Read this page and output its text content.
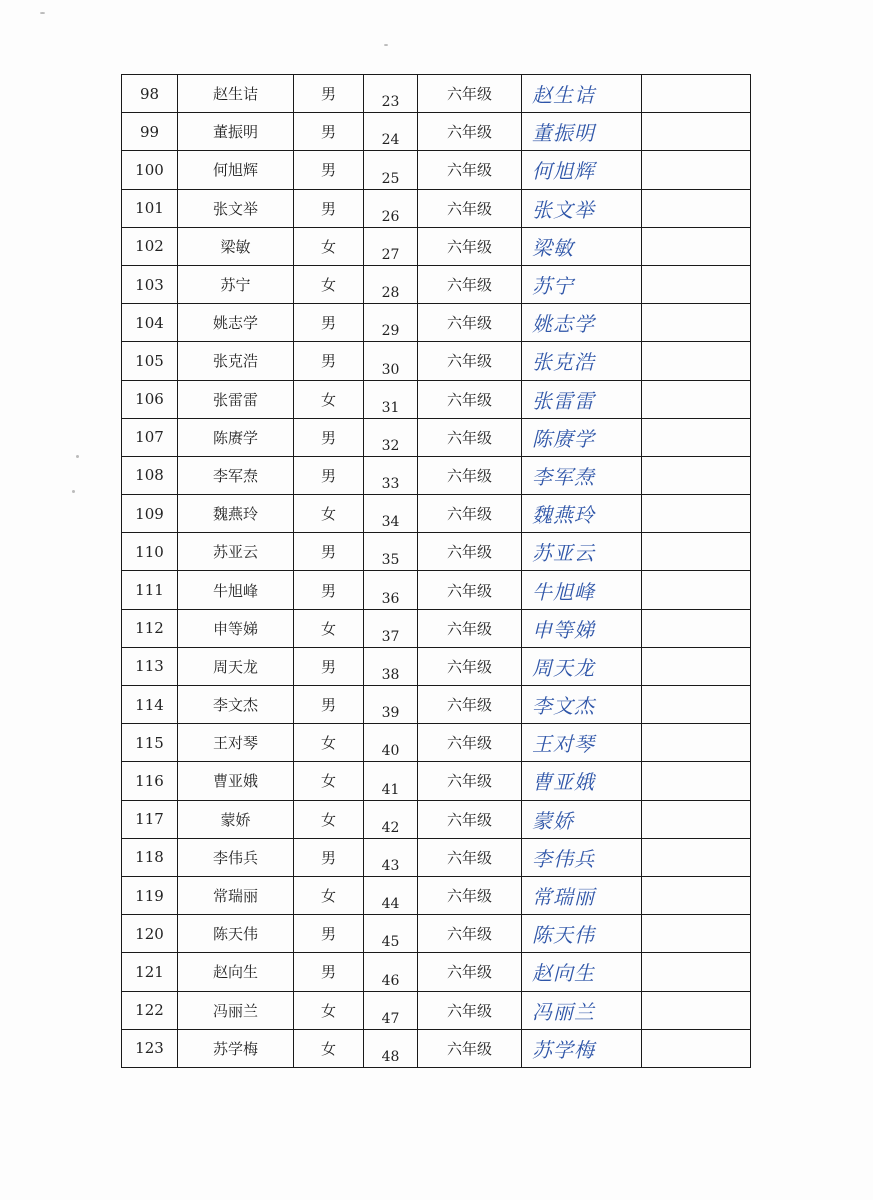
98	赵生诘	男	23	六年级	赵生诘	
99	董振明	男	24	六年级	董振明	
100	何旭辉	男	25	六年级	何旭辉	
101	张文举	男	26	六年级	张文举	
102	梁敏	女	27	六年级	梁敏	
103	苏宁	女	28	六年级	苏宁	
104	姚志学	男	29	六年级	姚志学	
105	张克浩	男	30	六年级	张克浩	
106	张雷雷	女	31	六年级	张雷雷	
107	陈赓学	男	32	六年级	陈赓学	
108	李军焘	男	33	六年级	李军焘	
109	魏燕玲	女	34	六年级	魏燕玲	
110	苏亚云	男	35	六年级	苏亚云	
111	牛旭峰	男	36	六年级	牛旭峰	
112	申等娣	女	37	六年级	申等娣	
113	周天龙	男	38	六年级	周天龙	
114	李文杰	男	39	六年级	李文杰	
115	王对琴	女	40	六年级	王对琴	
116	曹亚娥	女	41	六年级	曹亚娥	
117	蒙娇	女	42	六年级	蒙娇	
118	李伟兵	男	43	六年级	李伟兵	
119	常瑞丽	女	44	六年级	常瑞丽	
120	陈天伟	男	45	六年级	陈天伟	
121	赵向生	男	46	六年级	赵向生	
122	冯丽兰	女	47	六年级	冯丽兰	
123	苏学梅	女	48	六年级	苏学梅	
